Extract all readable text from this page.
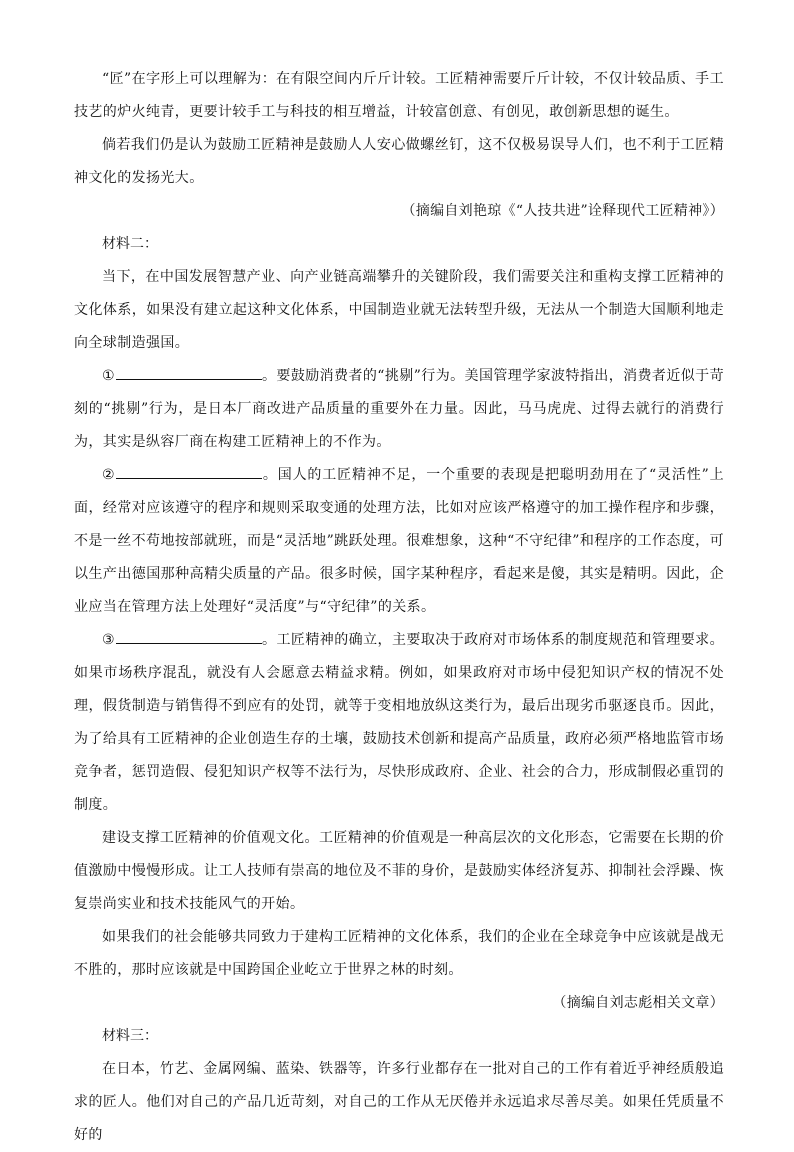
“匠”在字形上可以理解为：在有限空间内斤斤计较。工匠精神需要斤斤计较，不仅计较品质、手工技艺的炉火纯青，更要计较手工与科技的相互增益，计较富创意、有创见，敢创新思想的诞生。

倘若我们仍是认为鼓励工匠精神是鼓励人人安心做螺丝钉，这不仅极易误导人们，也不利于工匠精神文化的发扬光大。

（摘编自刘艳琼《“人技共进”诠释现代工匠精神》）

材料二：

当下，在中国发展智慧产业、向产业链高端攀升的关键阶段，我们需要关注和重构支撑工匠精神的文化体系，如果没有建立起这种文化体系，中国制造业就无法转型升级，无法从一个制造大国顺利地走向全球制造强国。

①	。要鼓励消费者的“挑剔”行为。美国管理学家波特指出，消费者近似于苛刻的“挑剔”行为，是日本厂商改进产品质量的重要外在力量。因此，马马虎虎、过得去就行的消费行为，其实是纵容厂商在构建工匠精神上的不作为。

②	。国人的工匠精神不足，一个重要的表现是把聪明劲用在了“灵活性”上面，经常对应该遵守的程序和规则采取变通的处理方法，比如对应该严格遵守的加工操作程序和步骤，不是一丝不苟地按部就班，而是“灵活地”跳跃处理。很难想象，这种“不守纪律”和程序的工作态度，可以生产出德国那种高精尖质量的产品。很多时候，国字某种程序，看起来是傻，其实是精明。因此，企业应当在管理方法上处理好“灵活度”与“守纪律”的关系。

③	。工匠精神的确立，主要取决于政府对市场体系的制度规范和管理要求。如果市场秩序混乱，就没有人会愿意去精益求精。例如，如果政府对市场中侵犯知识产权的情况不处理，假货制造与销售得不到应有的处罚，就等于变相地放纵这类行为，最后出现劣币驱逐良币。因此，为了给具有工匠精神的企业创造生存的土壤，鼓励技术创新和提高产品质量，政府必须严格地监管市场竞争者，惩罚造假、侵犯知识产权等不法行为，尽快形成政府、企业、社会的合力，形成制假必重罚的制度。

建设支撑工匠精神的价值观文化。工匠精神的价值观是一种高层次的文化形态，它需要在长期的价值激励中慢慢形成。让工人技师有崇高的地位及不菲的身价，是鼓励实体经济复苏、抑制社会浮躁、恢复崇尚实业和技术技能风气的开始。

如果我们的社会能够共同致力于建构工匠精神的文化体系，我们的企业在全球竞争中应该就是战无不胜的，那时应该就是中国跨国企业屹立于世界之林的时刻。

（摘编自刘志彪相关文章）

材料三：

在日本，竹艺、金属网编、蓝染、铁器等，许多行业都存在一批对自己的工作有着近乎神经质般追求的匠人。他们对自己的产品几近苛刻，对自己的工作从无厌倦并永远追求尽善尽美。如果任凭质量不好的
